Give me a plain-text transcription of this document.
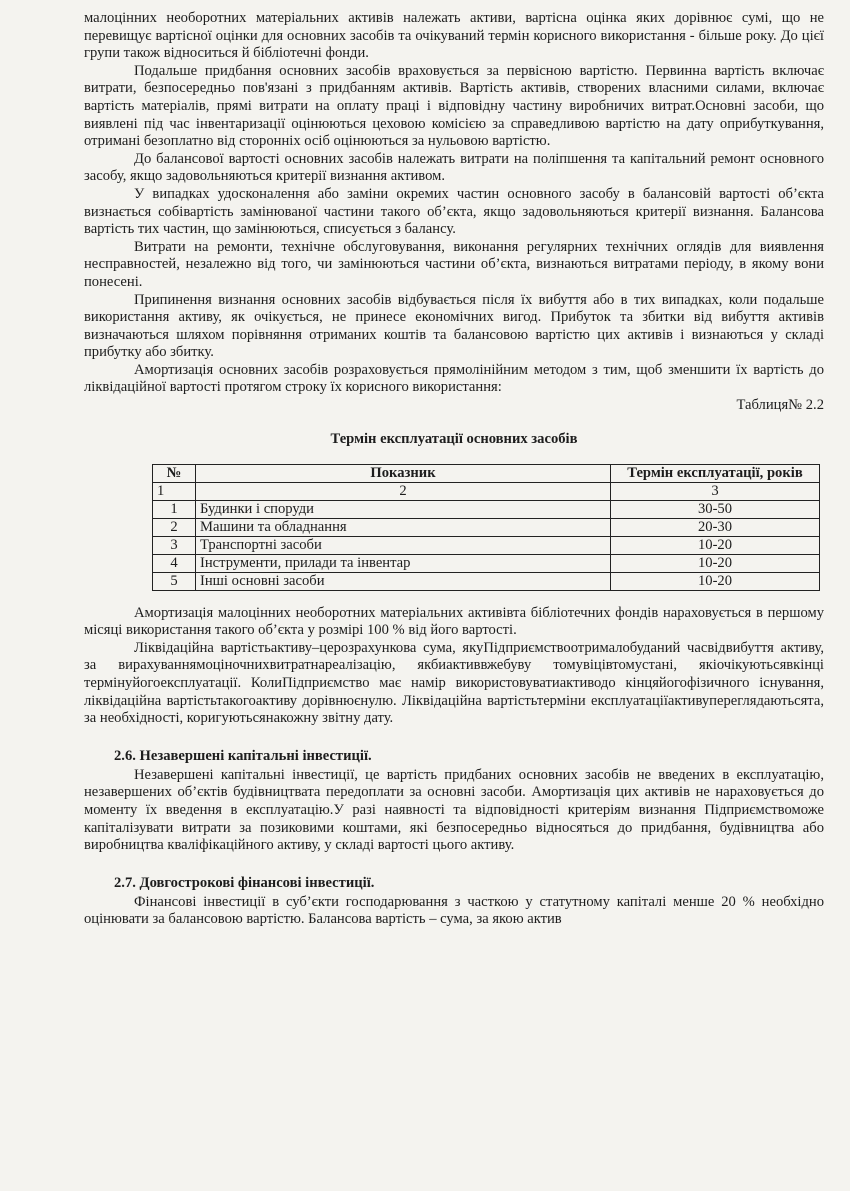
малоцінних необоротних матеріальних активів належать активи, вартісна оцінка яких дорівнює сумі, що не перевищує вартісної оцінки для основних засобів та очікуваний термін корисного використання - більше року. До цієї групи також відноситься й бібліотечні фонди.

Подальше придбання основних засобів враховується за первісною вартістю. Первинна вартість включає витрати, безпосередньо пов'язані з придбанням активів. Вартість активів, створених власними силами, включає вартість матеріалів, прямі витрати на оплату праці і відповідну частину виробничих витрат.Основні засоби, що виявлені під час інвентаризації оцінюються цеховою комісією за справедливою вартістю на дату оприбуткування, отримані безоплатно від сторонніх осіб оцінюються за нульовою вартістю.

До балансової вартості основних засобів належать витрати на поліпшення та капітальний ремонт основного засобу, якщо задовольняються критерії визнання активом.

У випадках удосконалення або заміни окремих частин основного засобу в балансовій вартості об’єкта визнається собівартість замінюваної частини такого об’єкта, якщо задовольняються критерії визнання. Балансова вартість тих частин, що замінюються, списується з балансу.

Витрати на ремонти, технічне обслуговування, виконання регулярних технічних оглядів для виявлення несправностей, незалежно від того, чи замінюються частини об’єкта, визнаються витратами періоду, в якому вони понесені.

Припинення визнання основних засобів відбувається після їх вибуття або в тих випадках, коли подальше використання активу, як очікується, не принесе економічних вигод. Прибуток та збитки від вибуття активів визначаються шляхом порівняння отриманих коштів та балансовою вартістю цих активів і визнаються у складі прибутку або збитку.

Амортизація основних засобів розраховується прямолінійним методом з тим, щоб зменшити їх вартість до ліквідаційної вартості протягом строку їх корисного використання:

Таблиця№ 2.2

Термін експлуатації основних засобів
№	Показник	Термін експлуатації, років
1	2	3
1	Будинки і споруди	30-50
2	Машини та обладнання	20-30
3	Транспортні засоби	10-20
4	Інструменти, прилади та інвентар	10-20
5	Інші основні засоби	10-20

Амортизація малоцінних необоротних матеріальних активівта бібліотечних фондів нараховується в першому місяці використання такого об’єкта у розмірі 100 % від його вартості.

Ліквідаційна вартістьактиву–церозрахункова сума, якуПідприємствоотрималобуданий часвідвибуття активу, за вирахуваннямоціночнихвитратнареалізацію, якбиактиввжебуву томувіцівтомустані, якіочікуютьсявкінці термінуйогоексплуатації. КолиПідприємство має намір використовуватиактиводо кінцяйогофізичного існування, ліквідаційна вартістьтакогоактиву дорівнюєнулю. Ліквідаційна вартістьтерміни експлуатаціїактивупереглядаютьсята, за необхідності, коригуютьсянакожну звітну дату.

2.6. Незавершені капітальні інвестиції.

Незавершені капітальні інвестиції, це вартість придбаних основних засобів не введених в експлуатацію, незавершених об’єктів будівництвата передоплати за основні засоби. Амортизація цих активів не нараховується до моменту їх введення в експлуатацію.У разі наявності та відповідності критеріям визнання Підприємствоможе капіталізувати витрати за позиковими коштами, які безпосередньо відносяться до придбання, будівництва або виробництва кваліфікаційного активу, у складі вартості цього активу.

2.7. Довгострокові фінансові інвестиції.

Фінансові інвестиції в суб’єкти господарювання з часткою у статутному капіталі менше 20 % необхідно оцінювати за балансовою вартістю. Балансова вартість – сума, за якою актив
